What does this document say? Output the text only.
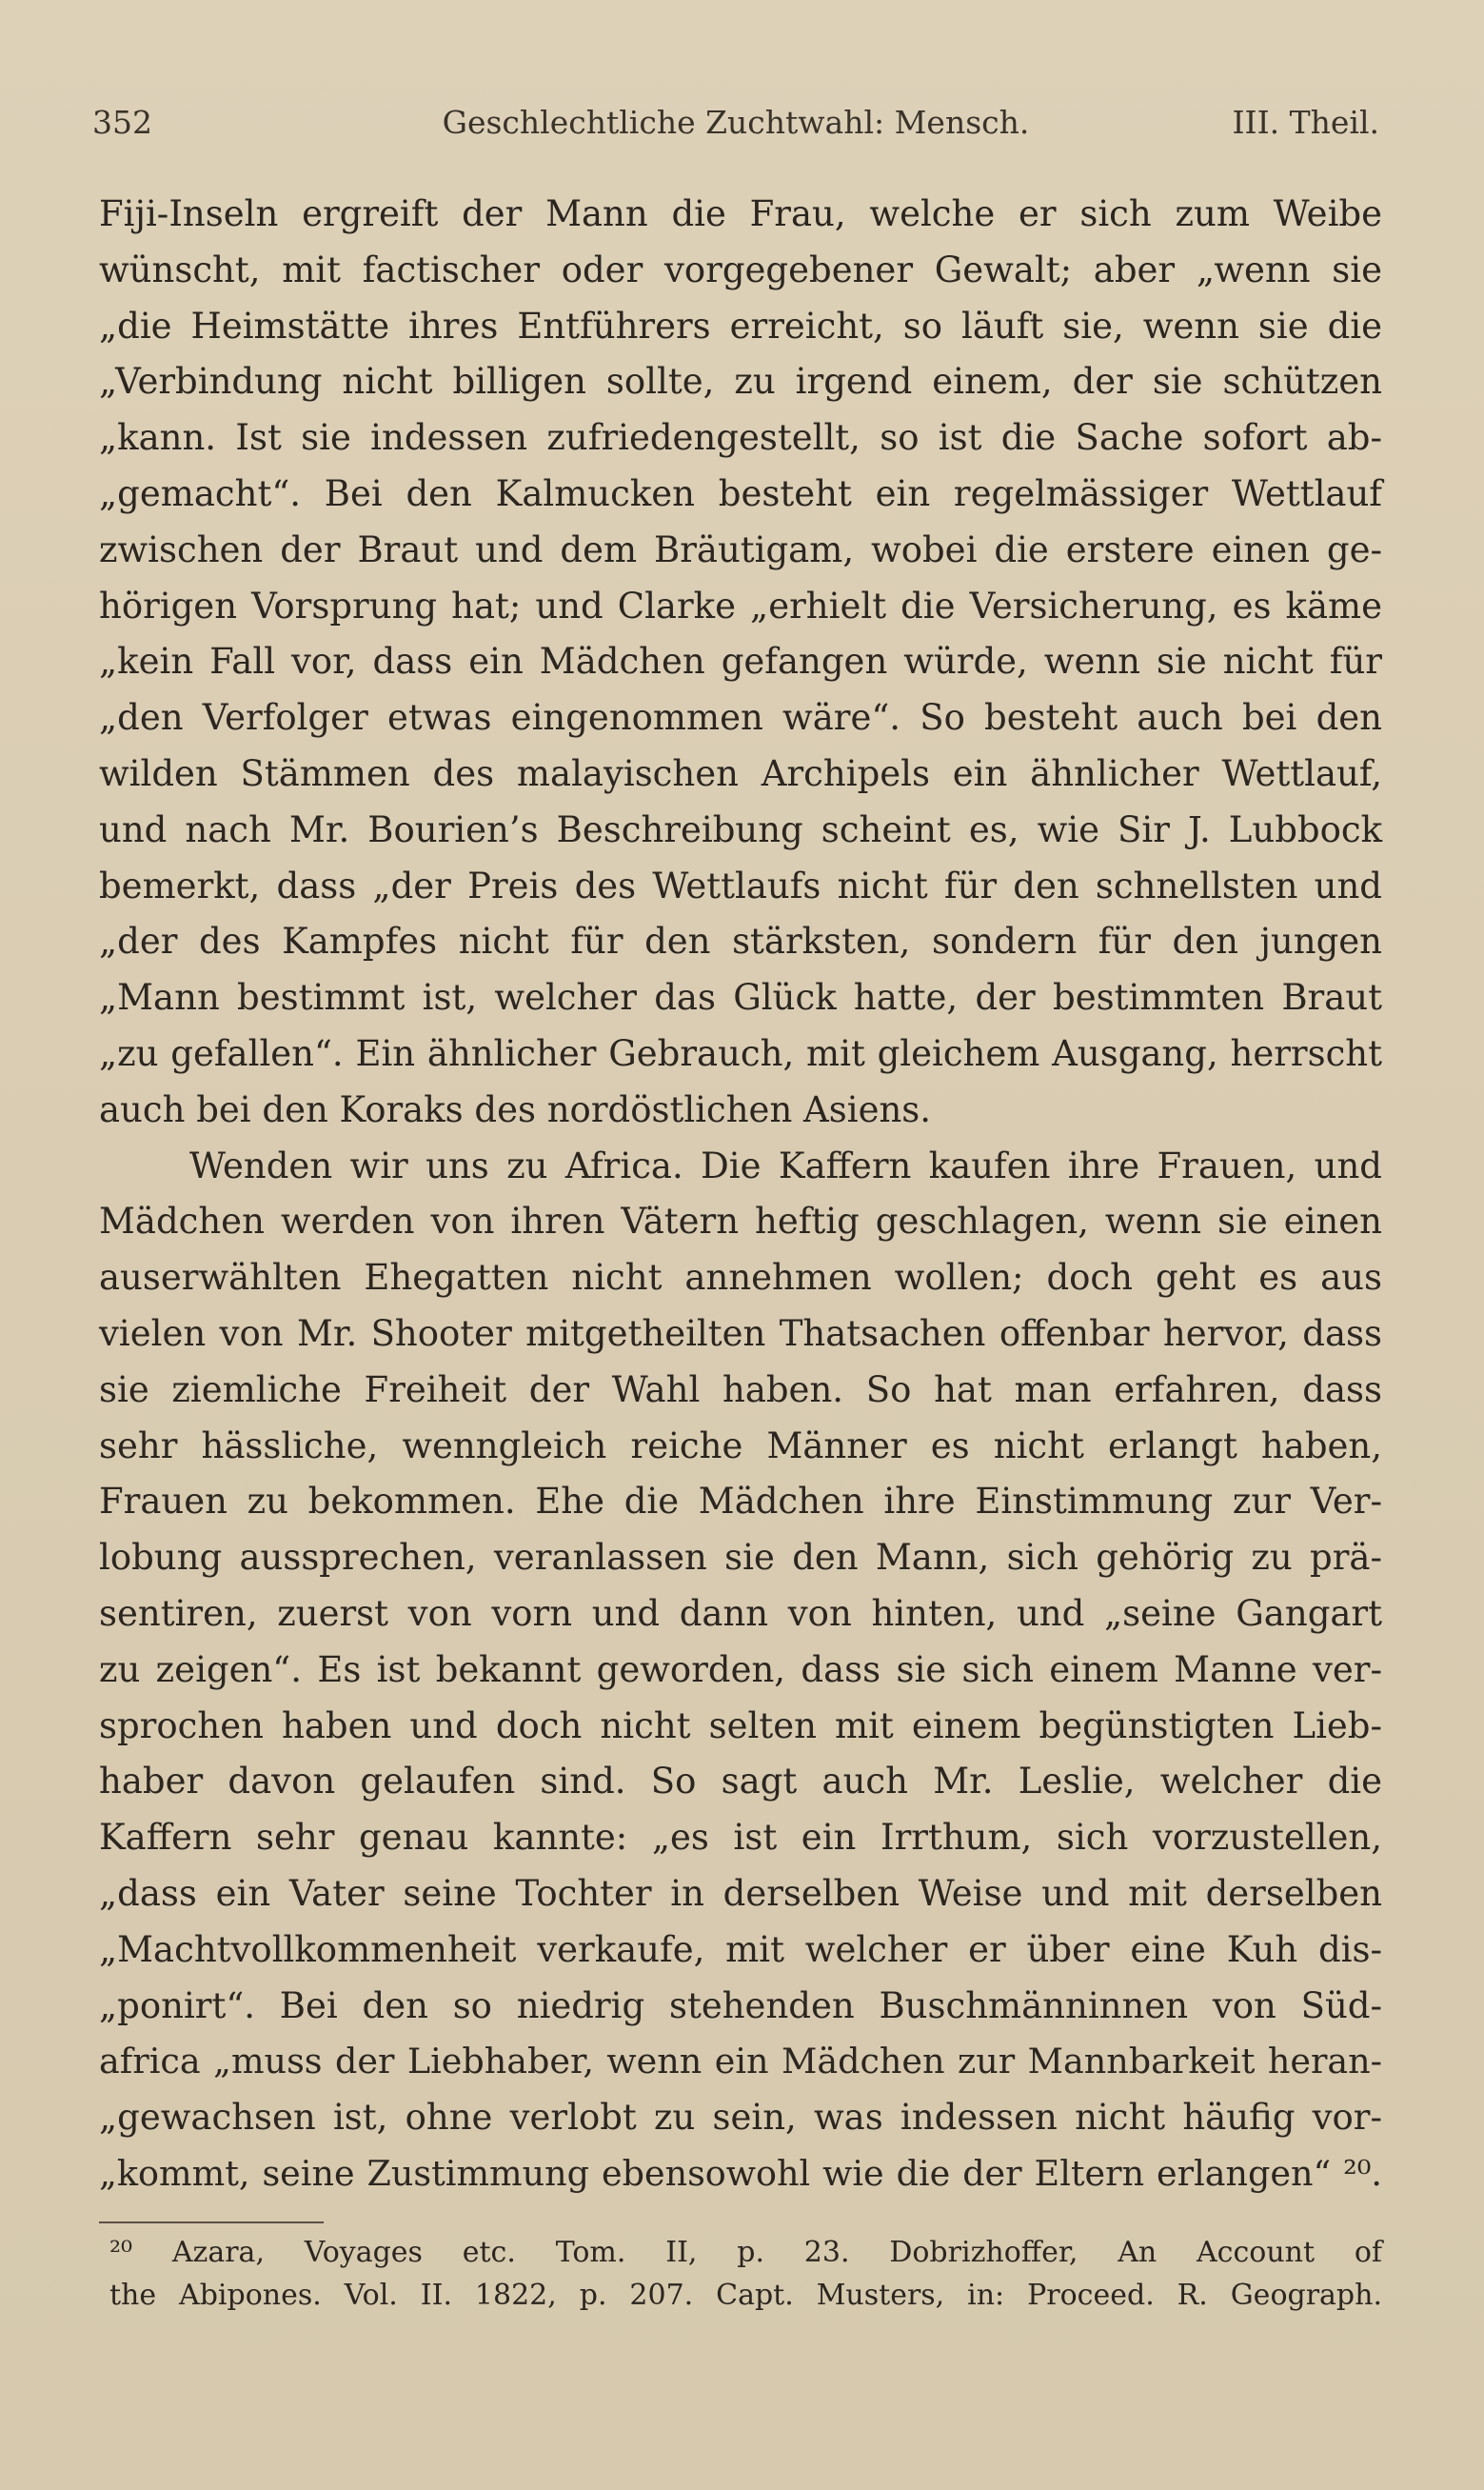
352	Geschlechtliche Zuchtwahl: Mensch.	III. Theil.
Fiji-Inseln ergreift der Mann die Frau, welche er sich zum Weibe
wünscht, mit factischer oder vorgegebener Gewalt; aber „wenn sie
„die Heimstätte ihres Entführers erreicht, so läuft sie, wenn sie die
„Verbindung nicht billigen sollte, zu irgend einem, der sie schützen
„kann. Ist sie indessen zufriedengestellt, so ist die Sache sofort ab-
„gemacht“. Bei den Kalmucken besteht ein regelmässiger Wettlauf
zwischen der Braut und dem Bräutigam, wobei die erstere einen ge-
hörigen Vorsprung hat; und Clarke „erhielt die Versicherung, es käme
„kein Fall vor, dass ein Mädchen gefangen würde, wenn sie nicht für
„den Verfolger etwas eingenommen wäre“. So besteht auch bei den
wilden Stämmen des malayischen Archipels ein ähnlicher Wettlauf,
und nach Mr. Bourien’s Beschreibung scheint es, wie Sir J. Lubbock
bemerkt, dass „der Preis des Wettlaufs nicht für den schnellsten und
„der des Kampfes nicht für den stärksten, sondern für den jungen
„Mann bestimmt ist, welcher das Glück hatte, der bestimmten Braut
„zu gefallen“. Ein ähnlicher Gebrauch, mit gleichem Ausgang, herrscht
auch bei den Koraks des nordöstlichen Asiens.
Wenden wir uns zu Africa. Die Kaffern kaufen ihre Frauen, und
Mädchen werden von ihren Vätern heftig geschlagen, wenn sie einen
auserwählten Ehegatten nicht annehmen wollen; doch geht es aus
vielen von Mr. Shooter mitgetheilten Thatsachen offenbar hervor, dass
sie ziemliche Freiheit der Wahl haben. So hat man erfahren, dass
sehr hässliche, wenngleich reiche Männer es nicht erlangt haben,
Frauen zu bekommen. Ehe die Mädchen ihre Einstimmung zur Ver-
lobung aussprechen, veranlassen sie den Mann, sich gehörig zu prä-
sentiren, zuerst von vorn und dann von hinten, und „seine Gangart
zu zeigen“. Es ist bekannt geworden, dass sie sich einem Manne ver-
sprochen haben und doch nicht selten mit einem begünstigten Lieb-
haber davon gelaufen sind. So sagt auch Mr. Leslie, welcher die
Kaffern sehr genau kannte: „es ist ein Irrthum, sich vorzustellen,
„dass ein Vater seine Tochter in derselben Weise und mit derselben
„Machtvollkommenheit verkaufe, mit welcher er über eine Kuh dis-
„ponirt“. Bei den so niedrig stehenden Buschmänninnen von Süd-
africa „muss der Liebhaber, wenn ein Mädchen zur Mannbarkeit heran-
„gewachsen ist, ohne verlobt zu sein, was indessen nicht häufig vor-
„kommt, seine Zustimmung ebensowohl wie die der Eltern erlangen“ ²⁰.
²⁰ Azara, Voyages etc. Tom. II, p. 23. Dobrizhoffer, An Account of
the Abipones. Vol. II. 1822, p. 207. Capt. Musters, in: Proceed. R. Geograph.
